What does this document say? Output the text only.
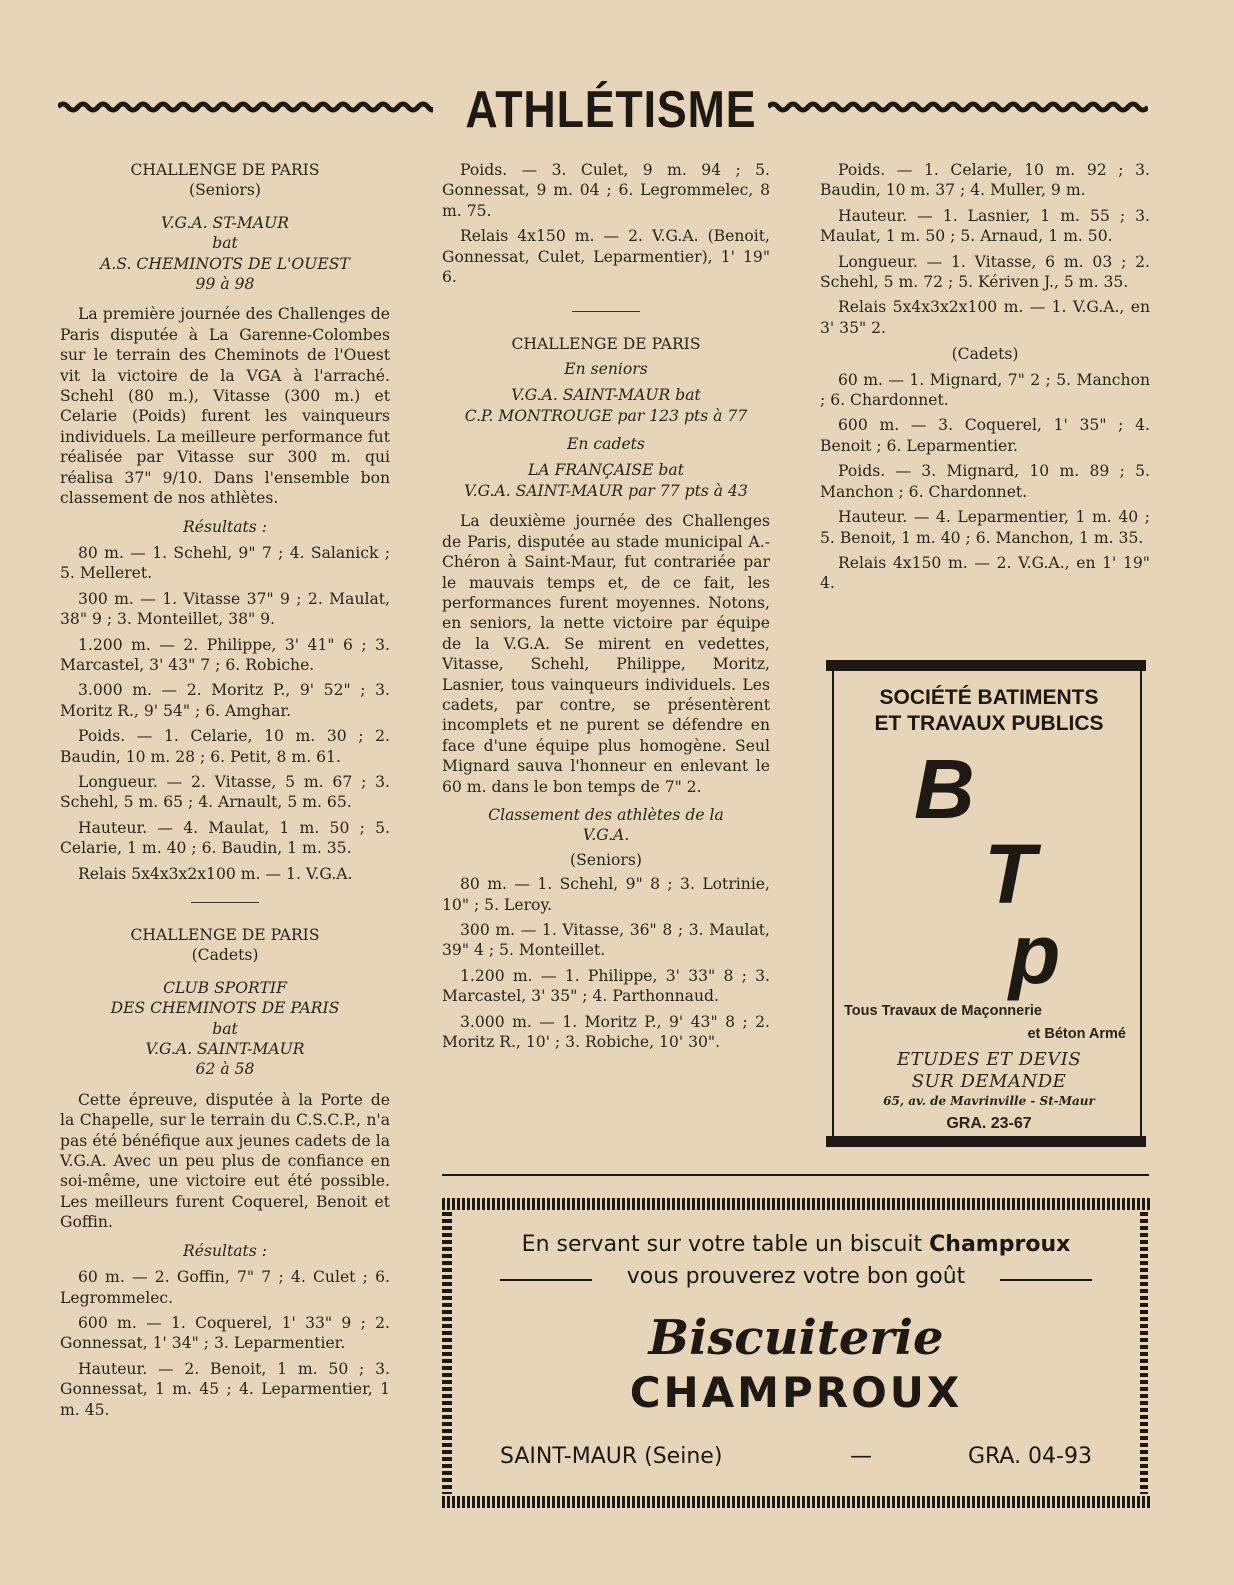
ATHLÉTISME
CHALLENGE DE PARIS
(Seniors)
V.G.A. ST-MAUR
bat
A.S. CHEMINOTS DE L'OUEST
99 à 98

La première journée des Challenges de Paris disputée à La Garenne-Colombes sur le terrain des Cheminots de l'Ouest vit la victoire de la VGA à l'arraché. Schehl (80 m.), Vitasse (300 m.) et Celarie (Poids) furent les vainqueurs individuels. La meilleure performance fut réalisée par Vitasse sur 300 m. qui réalisa 37" 9/10. Dans l'ensemble bon classement de nos athlètes.

Résultats :

80 m. — 1. Schehl, 9" 7 ; 4. Salanick ; 5. Melleret.

300 m. — 1. Vitasse 37" 9 ; 2. Maulat, 38" 9 ; 3. Monteillet, 38" 9.

1.200 m. — 2. Philippe, 3' 41" 6 ; 3. Marcastel, 3' 43" 7 ; 6. Robiche.

3.000 m. — 2. Moritz P., 9' 52" ; 3. Moritz R., 9' 54" ; 6. Amghar.

Poids. — 1. Celarie, 10 m. 30 ; 2. Baudin, 10 m. 28 ; 6. Petit, 8 m. 61.

Longueur. — 2. Vitasse, 5 m. 67 ; 3. Schehl, 5 m. 65 ; 4. Arnault, 5 m. 65.

Hauteur. — 4. Maulat, 1 m. 50 ; 5. Celarie, 1 m. 40 ; 6. Baudin, 1 m. 35.

Relais 5x4x3x2x100 m. — 1. V.G.A.

CHALLENGE DE PARIS
(Cadets)
CLUB SPORTIF
DES CHEMINOTS DE PARIS
bat
V.G.A. SAINT-MAUR
62 à 58

Cette épreuve, disputée à la Porte de la Chapelle, sur le terrain du C.S.C.P., n'a pas été bénéfique aux jeunes cadets de la V.G.A. Avec un peu plus de confiance en soi-même, une victoire eut été possible. Les meilleurs furent Coquerel, Benoit et Goffin.

Résultats :

60 m. — 2. Goffin, 7" 7 ; 4. Culet ; 6. Legrommelec.

600 m. — 1. Coquerel, 1' 33" 9 ; 2. Gonnessat, 1' 34" ; 3. Leparmentier.

Hauteur. — 2. Benoit, 1 m. 50 ; 3. Gonnessat, 1 m. 45 ; 4. Leparmentier, 1 m. 45.

Poids. — 3. Culet, 9 m. 94 ; 5. Gonnessat, 9 m. 04 ; 6. Legrommelec, 8 m. 75.

Relais 4x150 m. — 2. V.G.A. (Benoit, Gonnessat, Culet, Leparmentier), 1' 19" 6.

CHALLENGE DE PARIS
En seniors
V.G.A. SAINT-MAUR bat
C.P. MONTROUGE par 123 pts à 77
En cadets
LA FRANÇAISE bat
V.G.A. SAINT-MAUR par 77 pts à 43

La deuxième journée des Challenges de Paris, disputée au stade municipal A.-Chéron à Saint-Maur, fut contrariée par le mauvais temps et, de ce fait, les performances furent moyennes. Notons, en seniors, la nette victoire par équipe de la V.G.A. Se mirent en vedettes, Vitasse, Schehl, Philippe, Moritz, Lasnier, tous vainqueurs individuels. Les cadets, par contre, se présentèrent incomplets et ne purent se défendre en face d'une équipe plus homogène. Seul Mignard sauva l'honneur en enlevant le 60 m. dans le bon temps de 7" 2.

Classement des athlètes de la V.G.A.
(Seniors)

80 m. — 1. Schehl, 9" 8 ; 3. Lotrinie, 10" ; 5. Leroy.

300 m. — 1. Vitasse, 36" 8 ; 3. Maulat, 39" 4 ; 5. Monteillet.

1.200 m. — 1. Philippe, 3' 33" 8 ; 3. Marcastel, 3' 35" ; 4. Parthonnaud.

3.000 m. — 1. Moritz P., 9' 43" 8 ; 2. Moritz R., 10' ; 3. Robiche, 10' 30".

Poids. — 1. Celarie, 10 m. 92 ; 3. Baudin, 10 m. 37 ; 4. Muller, 9 m.

Hauteur. — 1. Lasnier, 1 m. 55 ; 3. Maulat, 1 m. 50 ; 5. Arnaud, 1 m. 50.

Longueur. — 1. Vitasse, 6 m. 03 ; 2. Schehl, 5 m. 72 ; 5. Kériven J., 5 m. 35.

Relais 5x4x3x2x100 m. — 1. V.G.A., en 3' 35" 2.

(Cadets)

60 m. — 1. Mignard, 7" 2 ; 5. Manchon ; 6. Chardonnet.

600 m. — 3. Coquerel, 1' 35" ; 4. Benoit ; 6. Leparmentier.

Poids. — 3. Mignard, 10 m. 89 ; 5. Manchon ; 6. Chardonnet.

Hauteur. — 4. Leparmentier, 1 m. 40 ; 5. Benoit, 1 m. 40 ; 6. Manchon, 1 m. 35.

Relais 4x150 m. — 2. V.G.A., en 1' 19" 4.

SOCIÉTÉ BATIMENTS
ET TRAVAUX PUBLICS
B
T
p
Tous Travaux de Maçonnerie
et Béton Armé
ETUDES ET DEVIS
SUR DEMANDE
65, av. de Mavrinville - St-Maur
GRA. 23-67
En servant sur votre table un biscuit Champroux
vous prouverez votre bon goût
Biscuiterie
CHAMPROUX
SAINT-MAUR (Seine)	—	GRA. 04-93
